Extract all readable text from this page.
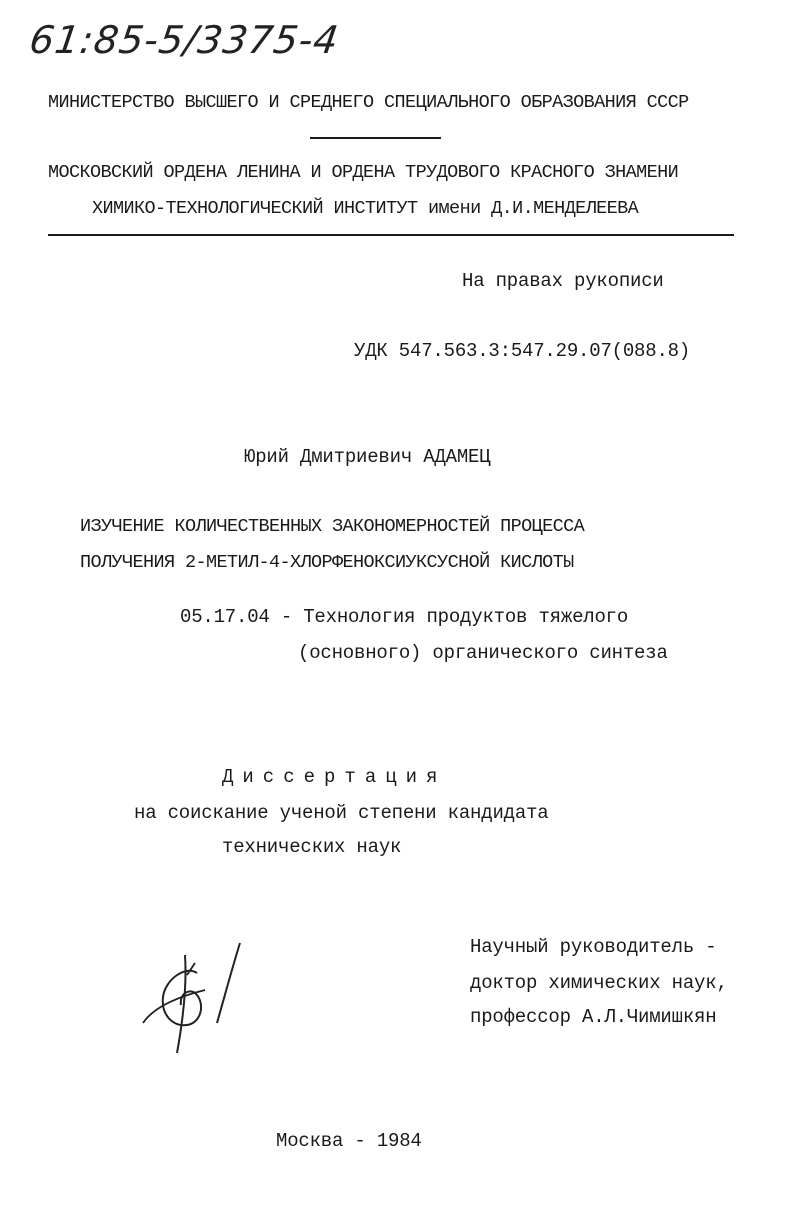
61:85-5/3375-4
МИНИСТЕРСТВО ВЫСШЕГО И СРЕДНЕГО СПЕЦИАЛЬНОГО ОБРАЗОВАНИЯ СССР
МОСКОВСКИЙ ОРДЕНА ЛЕНИНА И ОРДЕНА ТРУДОВОГО КРАСНОГО ЗНАМЕНИ
ХИМИКО-ТЕХНОЛОГИЧЕСКИЙ ИНСТИТУТ имени Д.И.МЕНДЕЛЕЕВА
На правах рукописи
УДК 547.563.3:547.29.07(088.8)
Юрий Дмитриевич АДАМЕЦ
ИЗУЧЕНИЕ КОЛИЧЕСТВЕННЫХ ЗАКОНОМЕРНОСТЕЙ ПРОЦЕССА
ПОЛУЧЕНИЯ 2-МЕТИЛ-4-ХЛОРФЕНОКСИУКСУСНОЙ КИСЛОТЫ
05.17.04 - Технология продуктов тяжелого
(основного) органического синтеза
Диссертация
на соискание ученой степени кандидата
технических наук
Научный руководитель -
доктор химических наук,
профессор А.Л.Чимишкян
Москва - 1984
